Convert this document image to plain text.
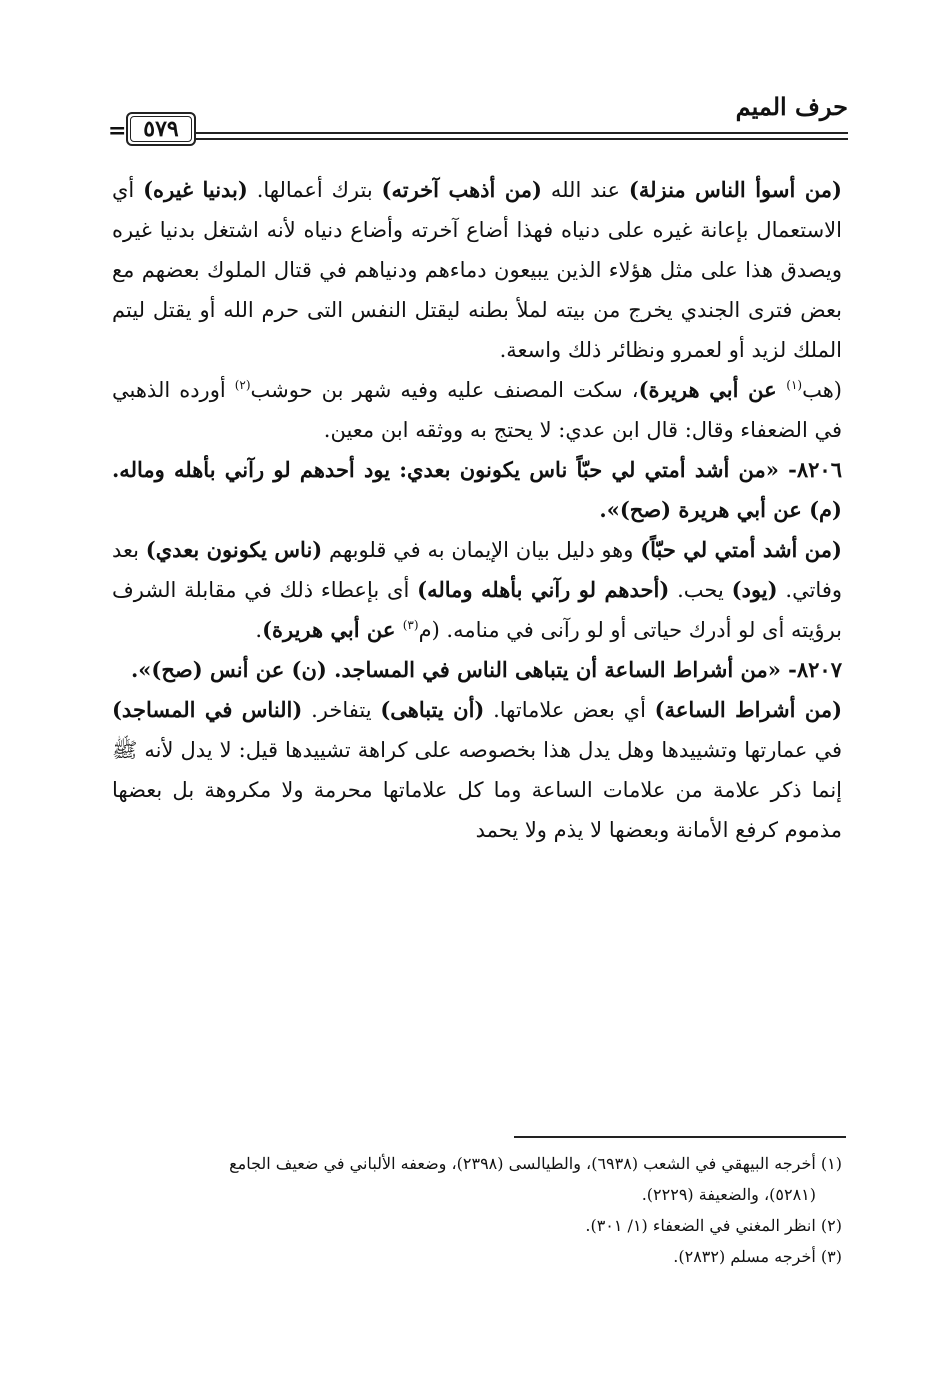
حرف الميم
= ٥٧٩

(من أسوأ الناس منزلة) عند الله (من أذهب آخرته) بترك أعمالها. (بدنيا غيره) أي الاستعمال بإعانة غيره على دنياه فهذا أضاع آخرته وأضاع دنياه لأنه اشتغل بدنيا غيره ويصدق هذا على مثل هؤلاء الذين يبيعون دماءهم ودنياهم في قتال الملوك بعضهم مع بعض فترى الجندي يخرج من بيته لملأ بطنه ليقتل النفس التى حرم الله أو يقتل ليتم الملك لزيد أو لعمرو ونظائر ذلك واسعة.

(هب$^{(١)}$ عن أبي هريرة)، سكت المصنف عليه وفيه شهر بن حوشب$^{(٢)}$ أورده الذهبي في الضعفاء وقال: قال ابن عدي: لا يحتج به ووثقه ابن معين.

٨٢٠٦- «من أشد أمتي لي حبّاً ناس يكونون بعدي: يود أحدهم لو رآني بأهله وماله. (م) عن أبي هريرة (صح)».

(من أشد أمتي لي حبّاً) وهو دليل بيان الإيمان به في قلوبهم (ناس يكونون بعدي) بعد وفاتي. (يود) يحب. (أحدهم لو رآني بأهله وماله) أى بإعطاء ذلك في مقابلة الشرف برؤيته أى لو أدرك حياتى أو لو رآنى في منامه. (م$^{(٣)}$ عن أبي هريرة).

٨٢٠٧- «من أشراط الساعة أن يتباهى الناس في المساجد. (ن) عن أنس (صح)».

(من أشراط الساعة) أي بعض علاماتها. (أن يتباهى) يتفاخر. (الناس في المساجد) في عمارتها وتشييدها وهل يدل هذا بخصوصه على كراهة تشييدها قيل: لا يدل لأنه ﷺ إنما ذكر علامة من علامات الساعة وما كل علاماتها محرمة ولا مكروهة بل بعضها مذموم كرفع الأمانة وبعضها لا يذم ولا يحمد

(١) أخرجه البيهقي في الشعب (٦٩٣٨)، والطيالسى (٢٣٩٨)، وضعفه الألباني في ضعيف الجامع

(٥٢٨١)، والضعيفة (٢٢٢٩).

(٢) انظر المغني في الضعفاء (١/ ٣٠١).

(٣) أخرجه مسلم (٢٨٣٢).
